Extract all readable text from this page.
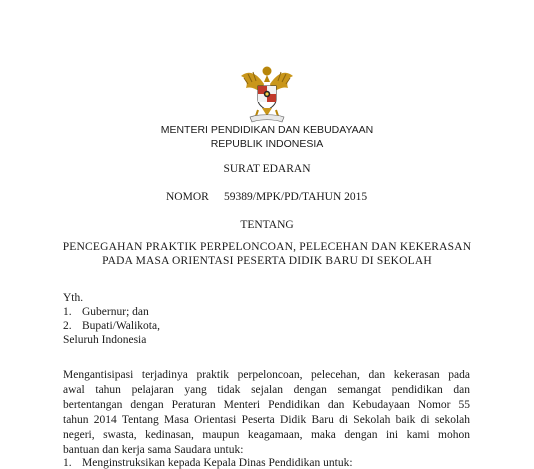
MENTERI PENDIDIKAN DAN KEBUDAYAAN
REPUBLIK INDONESIA
SURAT EDARAN
NOMOR 59389/MPK/PD/TAHUN 2015
TENTANG
PENCEGAHAN PRAKTIK PERPELONCOAN, PELECEHAN DAN KEKERASAN
PADA MASA ORIENTASI PESERTA DIDIK BARU DI SEKOLAH
Yth.
1. Gubernur; dan
2. Bupati/Walikota,
Seluruh Indonesia
Mengantisipasi terjadinya praktik perpeloncoan, pelecehan, dan kekerasan pada
awal tahun pelajaran yang tidak sejalan dengan semangat pendidikan dan
bertentangan dengan Peraturan Menteri Pendidikan dan Kebudayaan Nomor 55
tahun 2014 Tentang Masa Orientasi Peserta Didik Baru di Sekolah baik di sekolah
negeri, swasta, kedinasan, maupun keagamaan, maka dengan ini kami mohon
bantuan dan kerja sama Saudara untuk:
1. Menginstruksikan kepada Kepala Dinas Pendidikan untuk:
